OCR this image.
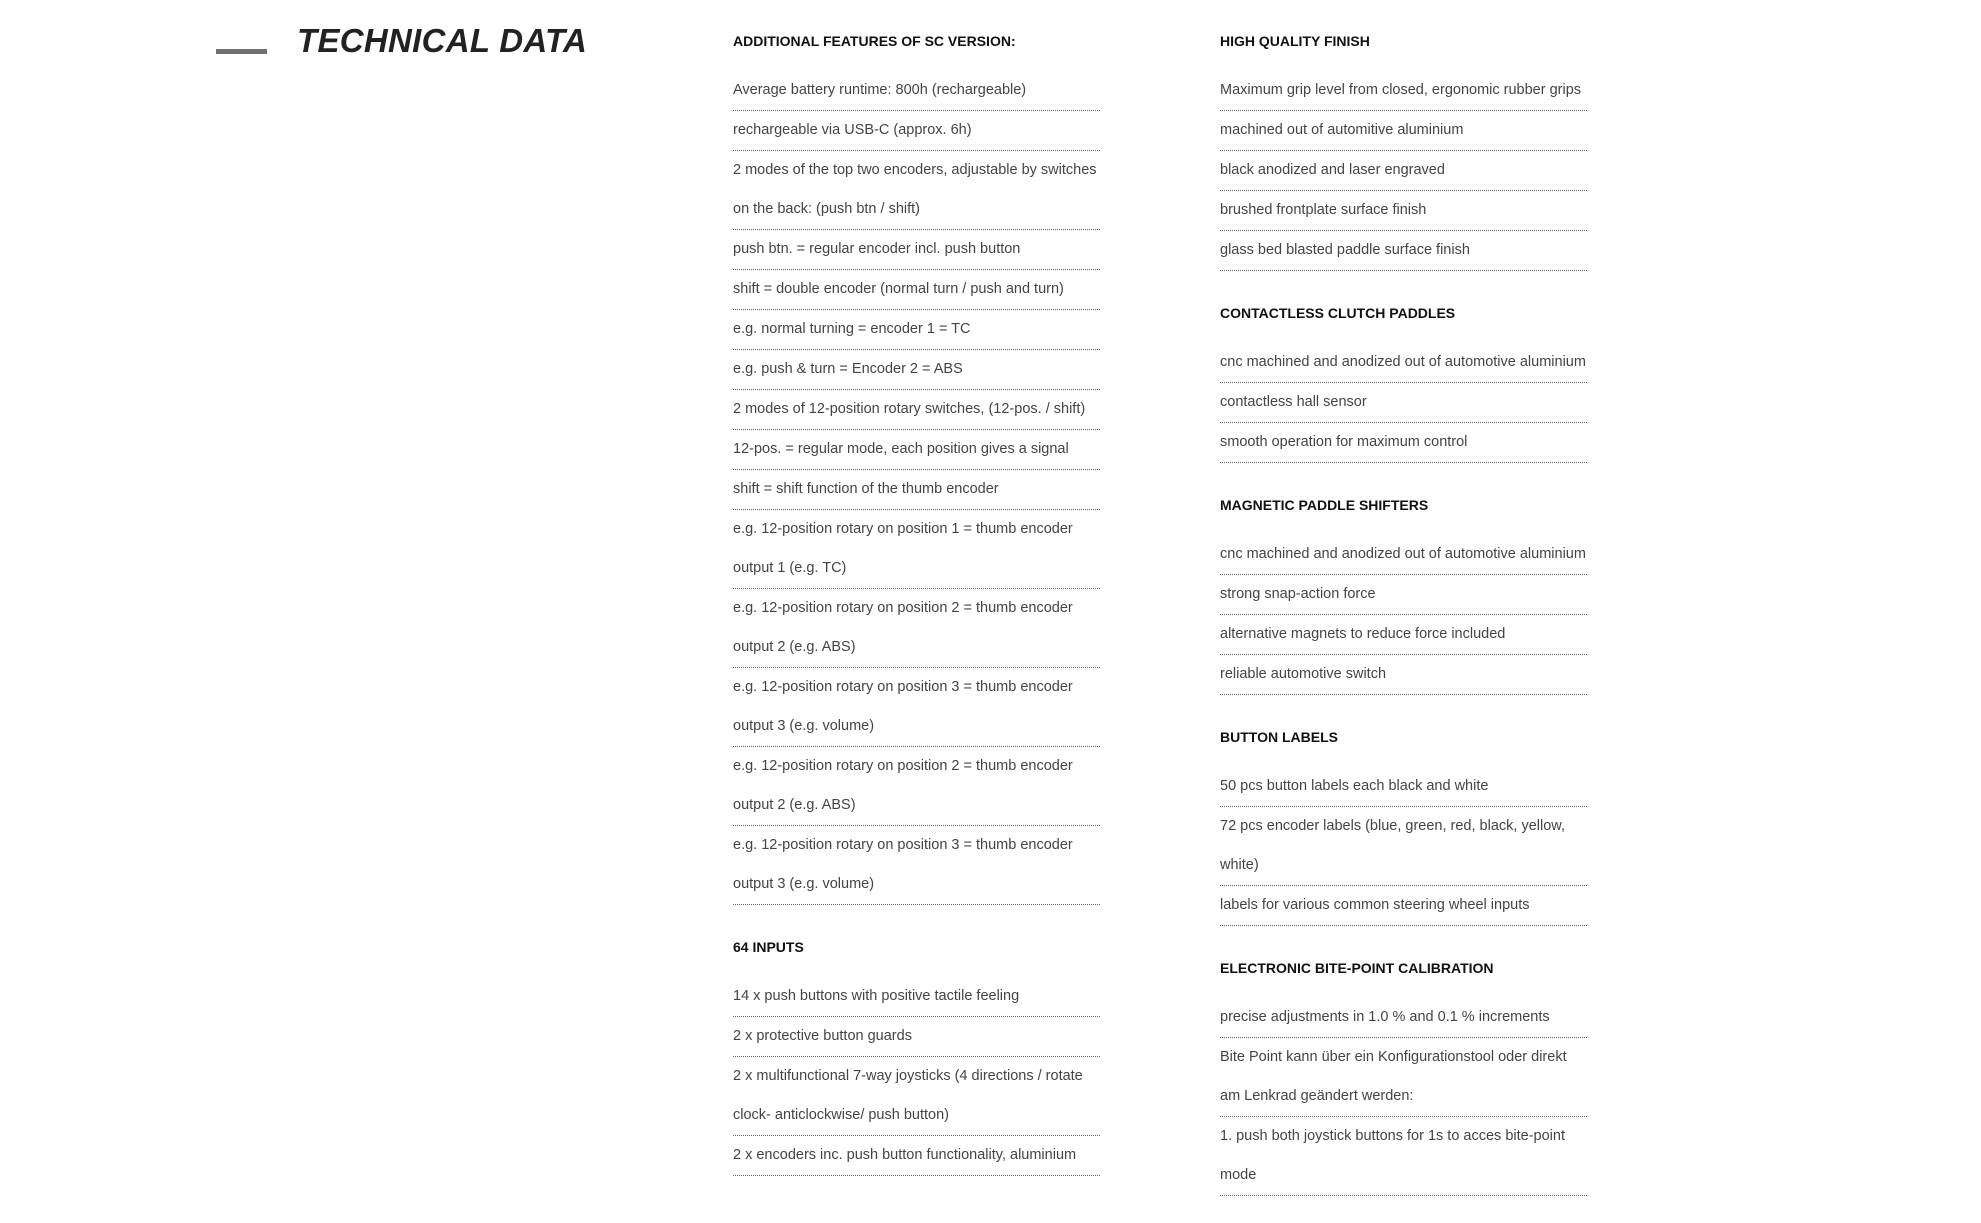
TECHNICAL DATA	ADDITIONAL FEATURES OF SC VERSION:
Average battery runtime: 800h (rechargeable)
rechargeable via USB-C (approx. 6h)
2 modes of the top two encoders, adjustable by switches on the back: (push btn / shift)
push btn. = regular encoder incl. push button
shift = double encoder (normal turn / push and turn)
e.g. normal turning = encoder 1 = TC
e.g. push & turn = Encoder 2 = ABS
2 modes of 12-position rotary switches, (12-pos. / shift)
12-pos. = regular mode, each position gives a signal
shift = shift function of the thumb encoder
e.g. 12-position rotary on position 1 = thumb encoder output 1 (e.g. TC)
e.g. 12-position rotary on position 2 = thumb encoder output 2 (e.g. ABS)
e.g. 12-position rotary on position 3 = thumb encoder output 3 (e.g. volume)
e.g. 12-position rotary on position 2 = thumb encoder output 2 (e.g. ABS)
e.g. 12-position rotary on position 3 = thumb encoder output 3 (e.g. volume)
64 INPUTS
14 x push buttons with positive tactile feeling
2 x protective button guards
2 x multifunctional 7-way joysticks (4 directions / rotate clock- anticlockwise/ push button)
2 x encoders inc. push button functionality, aluminium
HIGH QUALITY FINISH
Maximum grip level from closed, ergonomic rubber grips
machined out of automitive aluminium
black anodized and laser engraved
brushed frontplate surface finish
glass bed blasted paddle surface finish
CONTACTLESS CLUTCH PADDLES
cnc machined and anodized out of automotive aluminium
contactless hall sensor
smooth operation for maximum control
MAGNETIC PADDLE SHIFTERS
cnc machined and anodized out of automotive aluminium
strong snap-action force
alternative magnets to reduce force included
reliable automotive switch
BUTTON LABELS
50 pcs button labels each black and white
72 pcs encoder labels (blue, green, red, black, yellow, white)
labels for various common steering wheel inputs
ELECTRONIC BITE-POINT CALIBRATION
precise adjustments in 1.0 % and 0.1 % increments
Bite Point kann über ein Konfigurationstool oder direkt am Lenkrad geändert werden:
1. push both joystick buttons for 1s to acces bite-point mode
